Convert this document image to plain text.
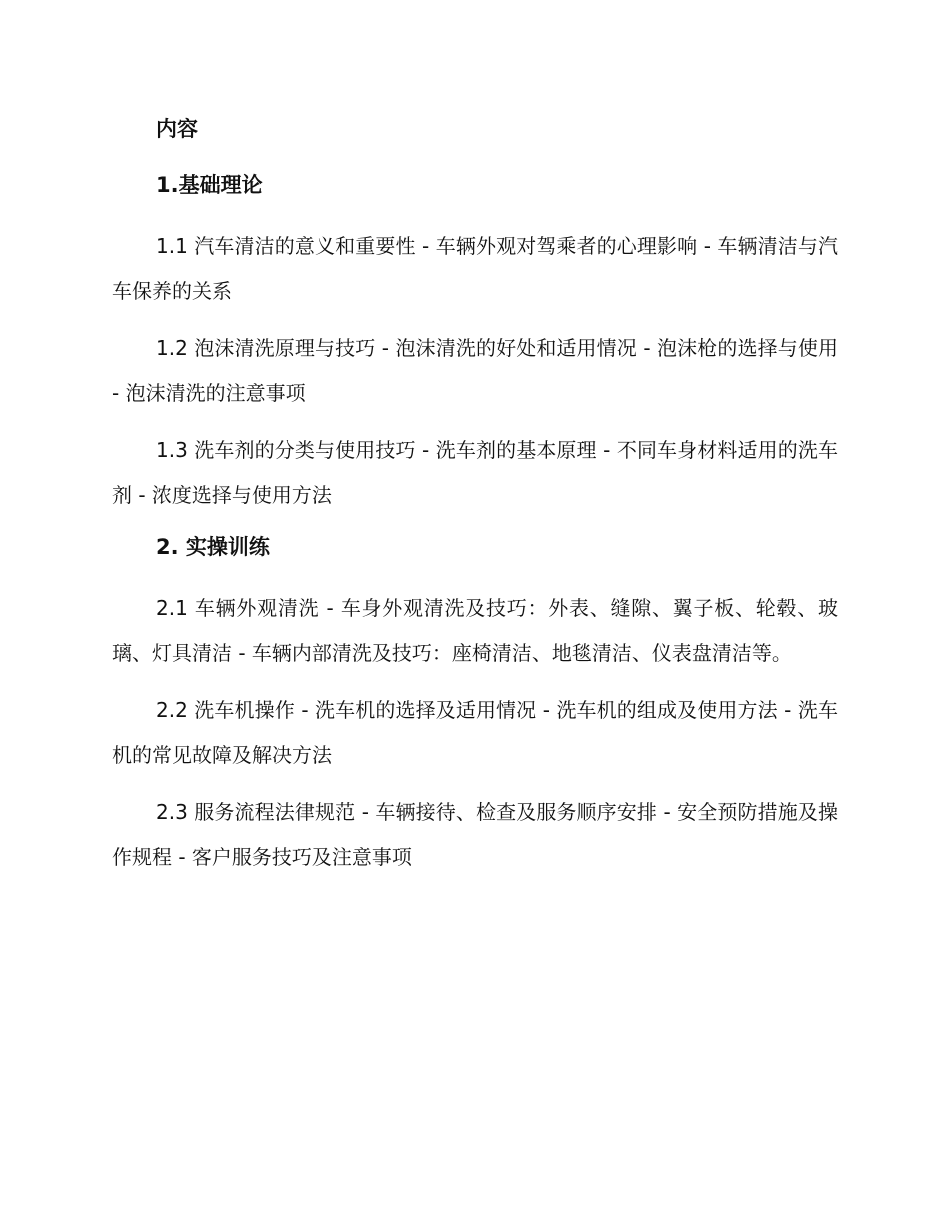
内容
1.基础理论

1.1 汽车清洁的意义和重要性 - 车辆外观对驾乘者的心理影响 - 车辆清洁与汽车保养的关系

1.2 泡沫清洗原理与技巧 - 泡沫清洗的好处和适用情况 - 泡沫枪的选择与使用 - 泡沫清洗的注意事项

1.3 洗车剂的分类与使用技巧 - 洗车剂的基本原理 - 不同车身材料适用的洗车剂 - 浓度选择与使用方法

2. 实操训练

2.1 车辆外观清洗 - 车身外观清洗及技巧：外表、缝隙、翼子板、轮毂、玻璃、灯具清洁 - 车辆内部清洗及技巧：座椅清洁、地毯清洁、仪表盘清洁等。

2.2 洗车机操作 - 洗车机的选择及适用情况 - 洗车机的组成及使用方法 - 洗车机的常见故障及解决方法

2.3 服务流程法律规范 - 车辆接待、检查及服务顺序安排 - 安全预防措施及操作规程 - 客户服务技巧及注意事项
